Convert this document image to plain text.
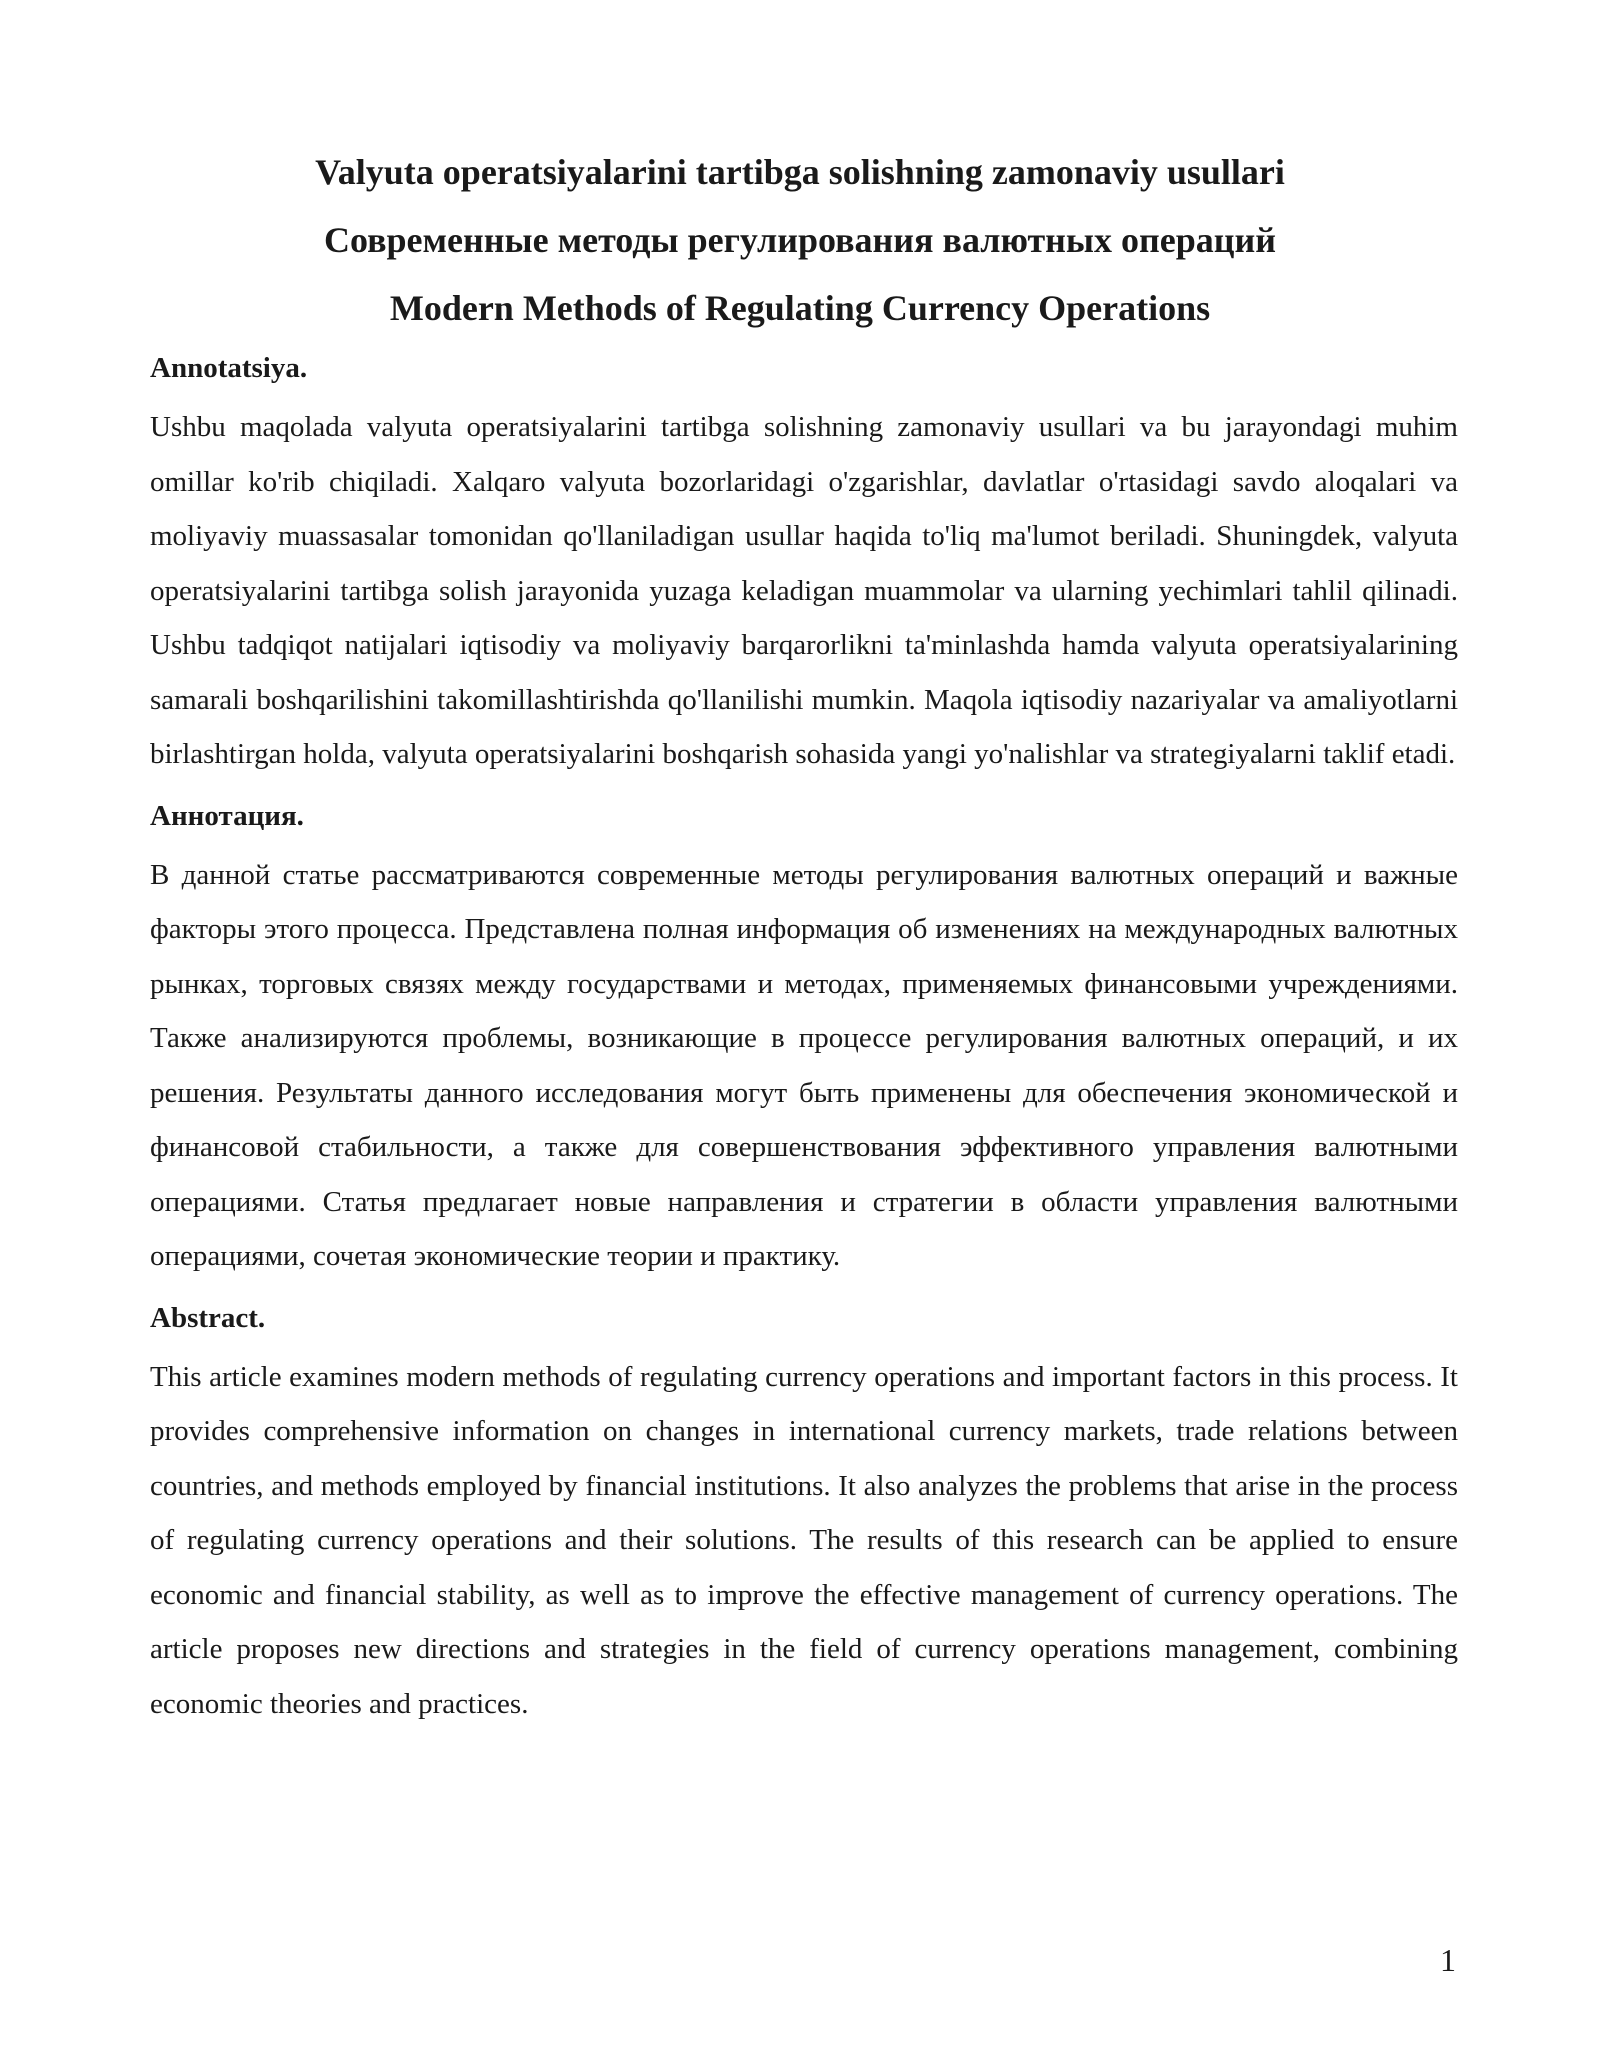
Valyuta operatsiyalarini tartibga solishning zamonaviy usullari

Современные методы регулирования валютных операций

Modern Methods of Regulating Currency Operations

Annotatsiya.

Ushbu maqolada valyuta operatsiyalarini tartibga solishning zamonaviy usullari va bu jarayondagi muhim omillar ko'rib chiqiladi. Xalqaro valyuta bozorlaridagi o'zgarishlar, davlatlar o'rtasidagi savdo aloqalari va moliyaviy muassasalar tomonidan qo'llaniladigan usullar haqida to'liq ma'lumot beriladi. Shuningdek, valyuta operatsiyalarini tartibga solish jarayonida yuzaga keladigan muammolar va ularning yechimlari tahlil qilinadi. Ushbu tadqiqot natijalari iqtisodiy va moliyaviy barqarorlikni ta'minlashda hamda valyuta operatsiyalarining samarali boshqarilishini takomillashtirishda qo'llanilishi mumkin. Maqola iqtisodiy nazariyalar va amaliyotlarni birlashtirgan holda, valyuta operatsiyalarini boshqarish sohasida yangi yo'nalishlar va strategiyalarni taklif etadi.

Аннотация.

В данной статье рассматриваются современные методы регулирования валютных операций и важные факторы этого процесса. Представлена полная информация об изменениях на международных валютных рынках, торговых связях между государствами и методах, применяемых финансовыми учреждениями. Также анализируются проблемы, возникающие в процессе регулирования валютных операций, и их решения. Результаты данного исследования могут быть применены для обеспечения экономической и финансовой стабильности, а также для совершенствования эффективного управления валютными операциями. Статья предлагает новые направления и стратегии в области управления валютными операциями, сочетая экономические теории и практику.

Abstract.

This article examines modern methods of regulating currency operations and important factors in this process. It provides comprehensive information on changes in international currency markets, trade relations between countries, and methods employed by financial institutions. It also analyzes the problems that arise in the process of regulating currency operations and their solutions. The results of this research can be applied to ensure economic and financial stability, as well as to improve the effective management of currency operations. The article proposes new directions and strategies in the field of currency operations management, combining economic theories and practices.

1
